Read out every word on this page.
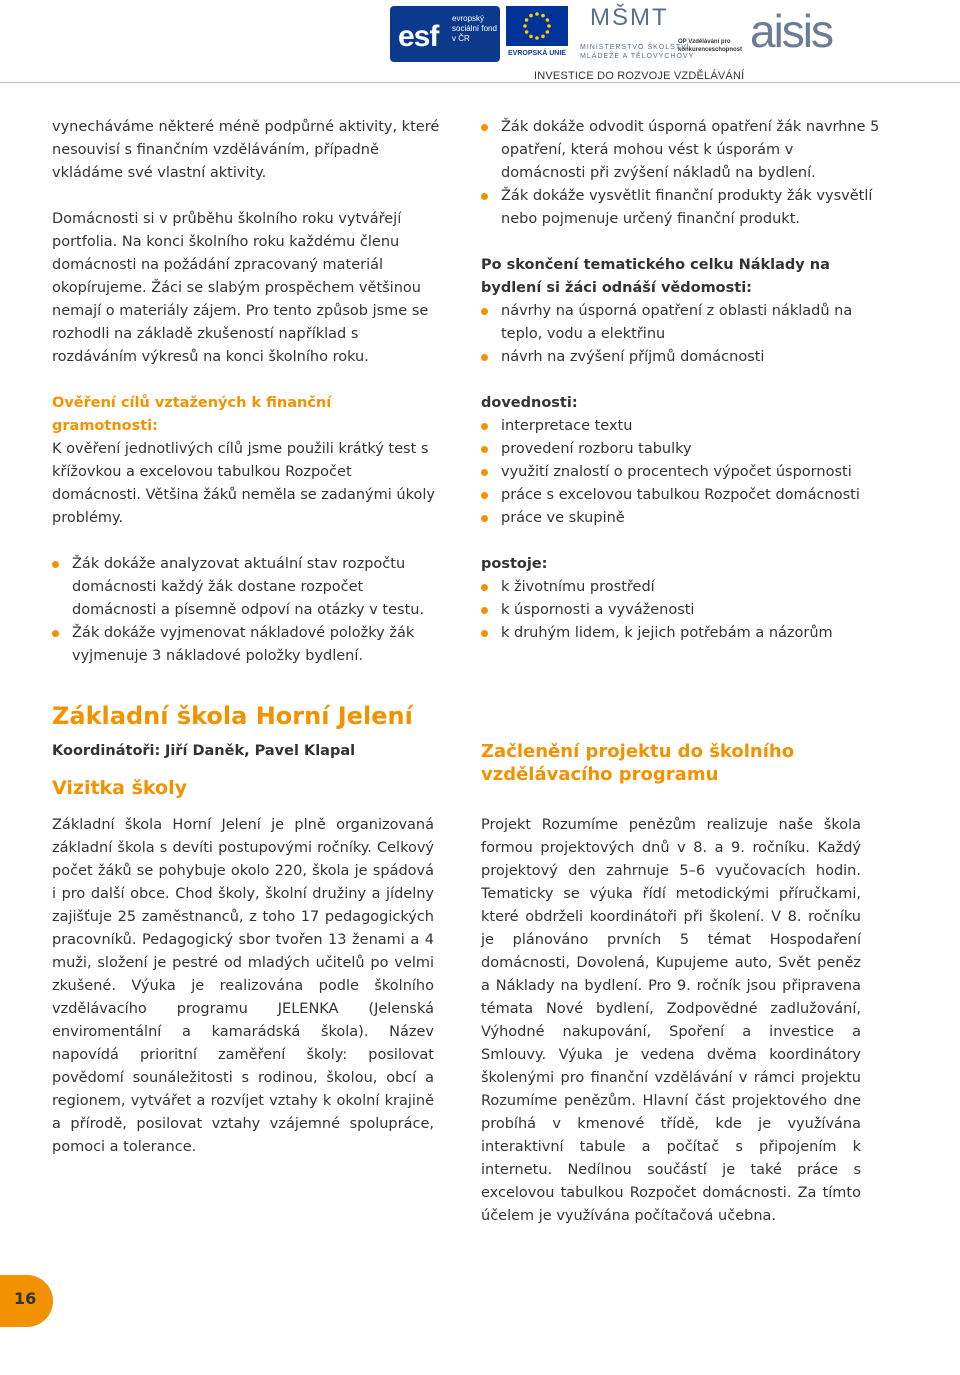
esf
evropský sociální fond v ČR
EVROPSKÁ UNIE
MŠMT
MINISTERSTVO ŠKOLSTVÍ,
MLÁDEŽE A TĚLOVÝCHOVY
OP Vzdělávání pro konkurenceschopnost aisis
INVESTICE DO ROZVOJE VZDĚLÁVÁNÍ

vynecháváme některé méně podpůrné aktivity, které nesouvisí s finančním vzděláváním, případně vkládáme své vlastní aktivity.

Domácnosti si v průběhu školního roku vytvářejí portfolia. Na konci školního roku každému členu domácnosti na požádání zpracovaný materiál okopírujeme. Žáci se slabým prospěchem většinou nemají o materiály zájem. Pro tento způsob jsme se rozhodli na základě zkušeností například s rozdáváním výkresů na konci školního roku.

Ověření cílů vztažených k finanční gramotnosti:

K ověření jednotlivých cílů jsme použili krátký test s křížovkou a excelovou tabulkou Rozpočet domácnosti. Většina žáků neměla se zadanými úkoly problémy.

Žák dokáže analyzovat aktuální stav rozpočtu domácnosti každý žák dostane rozpočet domácnosti a písemně odpoví na otázky v testu.
Žák dokáže vyjmenovat nákladové položky žák vyjmenuje 3 nákladové položky bydlení.
Žák dokáže odvodit úsporná opatření žák navrhne 5 opatření, která mohou vést k úsporám v domácnosti při zvýšení nákladů na bydlení.
Žák dokáže vysvětlit finanční produkty žák vysvětlí nebo pojmenuje určený finanční produkt.

Po skončení tematického celku Náklady na bydlení si žáci odnáší vědomosti:

návrhy na úsporná opatření z oblasti nákladů na teplo, vodu a elektřinu
návrh na zvýšení příjmů domácnosti

dovednosti:

interpretace textu
provedení rozboru tabulky
využití znalostí o procentech výpočet úspornosti
práce s excelovou tabulkou Rozpočet domácnosti
práce ve skupině

postoje:

k životnímu prostředí
k úspornosti a vyváženosti
k druhým lidem, k jejich potřebám a názorům
Základní škola Horní Jelení
Koordinátoři: Jiří Daněk, Pavel Klapal
Vizitka školy

Základní škola Horní Jelení je plně organizovaná základní škola s devíti postupovými ročníky. Celkový počet žáků se pohybuje okolo 220, škola je spádová i pro další obce. Chod školy, školní družiny a jídelny zajišťuje 25 zaměstnanců, z toho 17 pedagogických pracovníků. Pedagogický sbor tvořen 13 ženami a 4 muži, složení je pestré od mladých učitelů po velmi zkušené. Výuka je realizována podle školního vzdělávacího programu JELENKA (Jelenská enviromentální a kamarádská škola). Název napovídá prioritní zaměření školy: posilovat povědomí sounáležitosti s rodinou, školou, obcí a regionem, vytvářet a rozvíjet vztahy k okolní krajině a přírodě, posilovat vztahy vzájemné spolupráce, pomoci a tolerance.

Začlenění projektu do školního vzdělávacího programu

Projekt Rozumíme penězům realizuje naše škola formou projektových dnů v 8. a 9. ročníku. Každý projektový den zahrnuje 5–6 vyučovacích hodin. Tematicky se výuka řídí metodickými příručkami, které obdrželi koordinátoři při školení. V 8. ročníku je plánováno prvních 5 témat Hospodaření domácnosti, Dovolená, Kupujeme auto, Svět peněz a Náklady na bydlení. Pro 9. ročník jsou připravena témata Nové bydlení, Zodpovědné zadlužování, Výhodné nakupování, Spoření a investice a Smlouvy. Výuka je vedena dvěma koordinátory školenými pro finanční vzdělávání v rámci projektu Rozumíme penězům. Hlavní část projektového dne probíhá v kmenové třídě, kde je využívána interaktivní tabule a počítač s připojením k internetu. Nedílnou součástí je také práce s excelovou tabulkou Rozpočet domácnosti. Za tímto účelem je využívána počítačová učebna.

16
